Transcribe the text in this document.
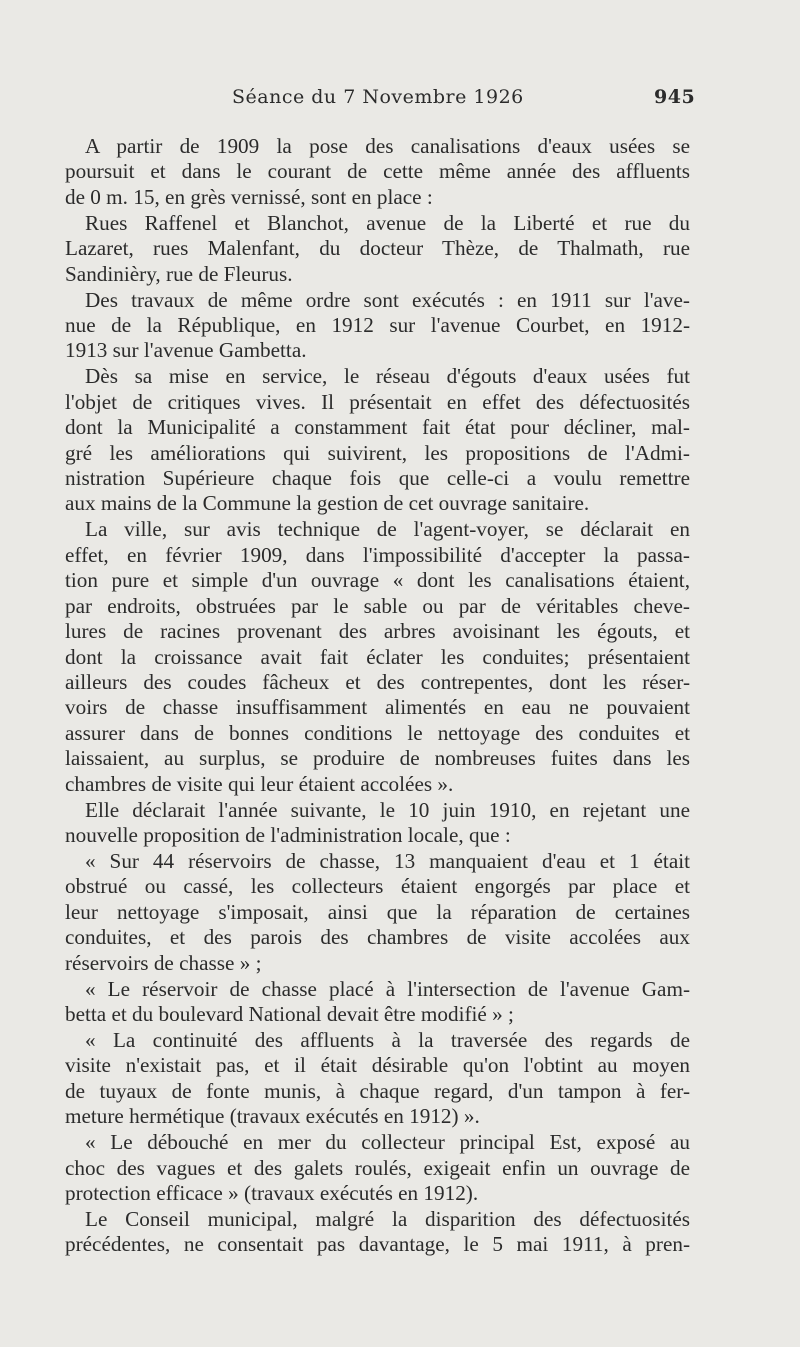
Séance du 7 Novembre 1926	945
A partir de 1909 la pose des canalisations d'eaux usées se
poursuit et dans le courant de cette même année des affluents
de 0 m. 15, en grès vernissé, sont en place :
Rues Raffenel et Blanchot, avenue de la Liberté et rue du
Lazaret, rues Malenfant, du docteur Thèze, de Thalmath, rue
Sandinièry, rue de Fleurus.
Des travaux de même ordre sont exécutés : en 1911 sur l'ave-
nue de la République, en 1912 sur l'avenue Courbet, en 1912-
1913 sur l'avenue Gambetta.
Dès sa mise en service, le réseau d'égouts d'eaux usées fut
l'objet de critiques vives. Il présentait en effet des défectuosités
dont la Municipalité a constamment fait état pour décliner, mal-
gré les améliorations qui suivirent, les propositions de l'Admi-
nistration Supérieure chaque fois que celle-ci a voulu remettre
aux mains de la Commune la gestion de cet ouvrage sanitaire.
La ville, sur avis technique de l'agent-voyer, se déclarait en
effet, en février 1909, dans l'impossibilité d'accepter la passa-
tion pure et simple d'un ouvrage « dont les canalisations étaient,
par endroits, obstruées par le sable ou par de véritables cheve-
lures de racines provenant des arbres avoisinant les égouts, et
dont la croissance avait fait éclater les conduites; présentaient
ailleurs des coudes fâcheux et des contrepentes, dont les réser-
voirs de chasse insuffisamment alimentés en eau ne pouvaient
assurer dans de bonnes conditions le nettoyage des conduites et
laissaient, au surplus, se produire de nombreuses fuites dans les
chambres de visite qui leur étaient accolées ».
Elle déclarait l'année suivante, le 10 juin 1910, en rejetant une
nouvelle proposition de l'administration locale, que :
« Sur 44 réservoirs de chasse, 13 manquaient d'eau et 1 était
obstrué ou cassé, les collecteurs étaient engorgés par place et
leur nettoyage s'imposait, ainsi que la réparation de certaines
conduites, et des parois des chambres de visite accolées aux
réservoirs de chasse » ;
« Le réservoir de chasse placé à l'intersection de l'avenue Gam-
betta et du boulevard National devait être modifié » ;
« La continuité des affluents à la traversée des regards de
visite n'existait pas, et il était désirable qu'on l'obtint au moyen
de tuyaux de fonte munis, à chaque regard, d'un tampon à fer-
meture hermétique (travaux exécutés en 1912) ».
« Le débouché en mer du collecteur principal Est, exposé au
choc des vagues et des galets roulés, exigeait enfin un ouvrage de
protection efficace » (travaux exécutés en 1912).
Le Conseil municipal, malgré la disparition des défectuosités
précédentes, ne consentait pas davantage, le 5 mai 1911, à pren-
